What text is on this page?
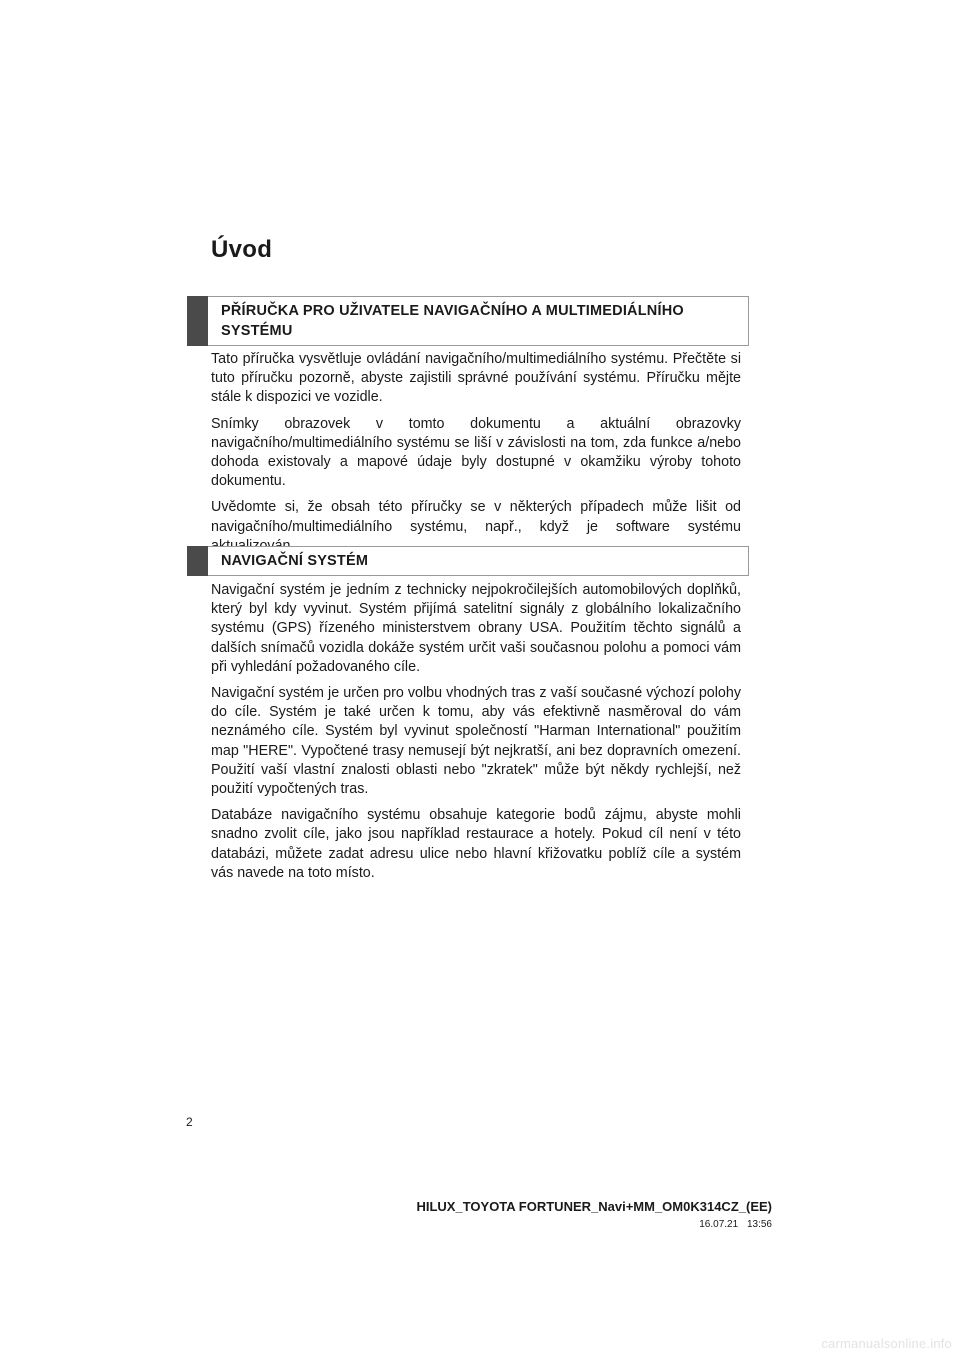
Úvod
PŘÍRUČKA PRO UŽIVATELE NAVIGAČNÍHO A MULTIMEDIÁLNÍHO SYSTÉMU

Tato příručka vysvětluje ovládání navigačního/multimediálního systému. Přečtěte si tuto příručku pozorně, abyste zajistili správné používání systému. Příručku mějte stále k dispozici ve vozidle.

Snímky obrazovek v tomto dokumentu a aktuální obrazovky navigačního/multimediálního systému se liší v závislosti na tom, zda funkce a/nebo dohoda existovaly a mapové údaje byly dostupné v okamžiku výroby tohoto dokumentu.

Uvědomte si, že obsah této příručky se v některých případech může lišit od navigačního/multimediálního systému, např., když je software systému

NAVIGAČNÍ SYSTÉM

Navigační systém je jedním z technicky nejpokročilejších automobilových doplňků, který byl kdy vyvinut. Systém přijímá satelitní signály z globálního lokalizačního systému (GPS) řízeného ministerstvem obrany USA. Použitím těchto signálů a dalších snímačů vozidla dokáže systém určit vaši současnou polohu a pomoci vám při vyhledání požadovaného cíle.

Navigační systém je určen pro volbu vhodných tras z vaší současné výchozí polohy do cíle. Systém je také určen k tomu, aby vás efektivně nasměroval do vám neznámého cíle. Systém byl vyvinut společností "Harman International" použitím map "HERE". Vypočtené trasy nemusejí být nejkratší, ani bez dopravních omezení. Použití vaší vlastní znalosti oblasti nebo "zkratek" může být někdy rychlejší, než použití vypočtených tras.

Databáze navigačního systému obsahuje kategorie bodů zájmu, abyste mohli snadno zvolit cíle, jako jsou například restaurace a hotely. Pokud cíl není v této databázi, můžete zadat adresu ulice nebo hlavní křižovatku poblíž cíle a systém vás navede na toto místo.

2
HILUX_TOYOTA FORTUNER_Navi+MM_OM0K314CZ_(EE)
16.07.21 13:56
carmanualsonline.info
